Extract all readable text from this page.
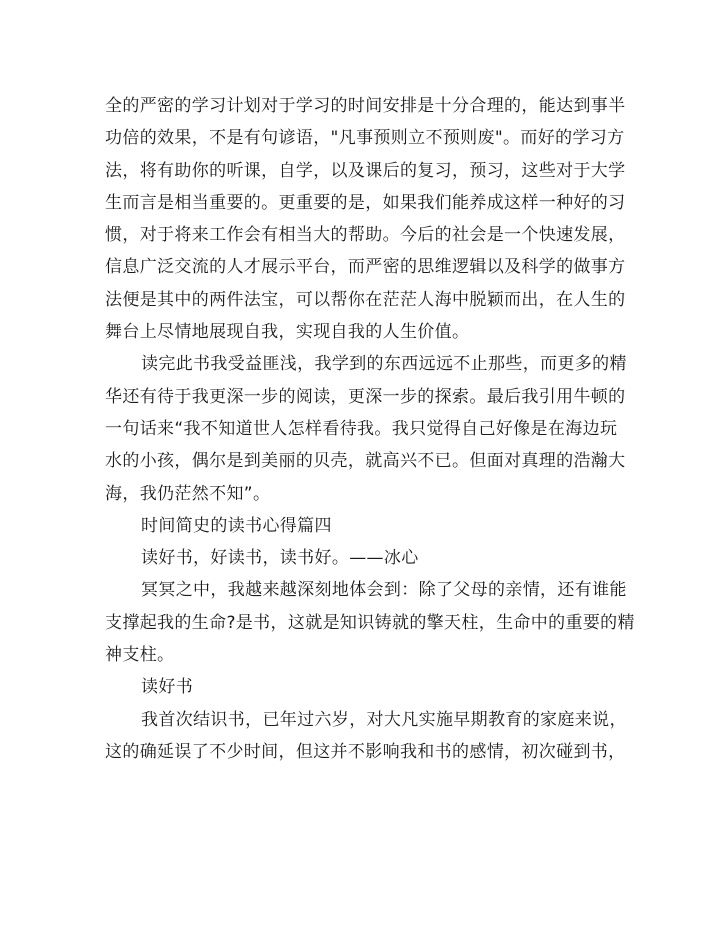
全的严密的学习计划对于学习的时间安排是十分合理的，能达到事半
功倍的效果，不是有句谚语，"凡事预则立不预则废"。而好的学习方
法，将有助你的听课，自学，以及课后的复习，预习，这些对于大学
生而言是相当重要的。更重要的是，如果我们能养成这样一种好的习
惯，对于将来工作会有相当大的帮助。今后的社会是一个快速发展，
信息广泛交流的人才展示平台，而严密的思维逻辑以及科学的做事方
法便是其中的两件法宝，可以帮你在茫茫人海中脱颖而出，在人生的
舞台上尽情地展现自我，实现自我的人生价值。

读完此书我受益匪浅，我学到的东西远远不止那些，而更多的精
华还有待于我更深一步的阅读，更深一步的探索。最后我引用牛顿的
一句话来“我不知道世人怎样看待我。我只觉得自己好像是在海边玩
水的小孩，偶尔是到美丽的贝壳，就高兴不已。但面对真理的浩瀚大
海，我仍茫然不知”。

时间简史的读书心得篇四

读好书，好读书，读书好。——冰心

冥冥之中，我越来越深刻地体会到：除了父母的亲情，还有谁能
支撑起我的生命?是书，这就是知识铸就的擎天柱，生命中的重要的精
神支柱。

读好书

我首次结识书，已年过六岁，对大凡实施早期教育的家庭来说，
这的确延误了不少时间，但这并不影响我和书的感情，初次碰到书，
